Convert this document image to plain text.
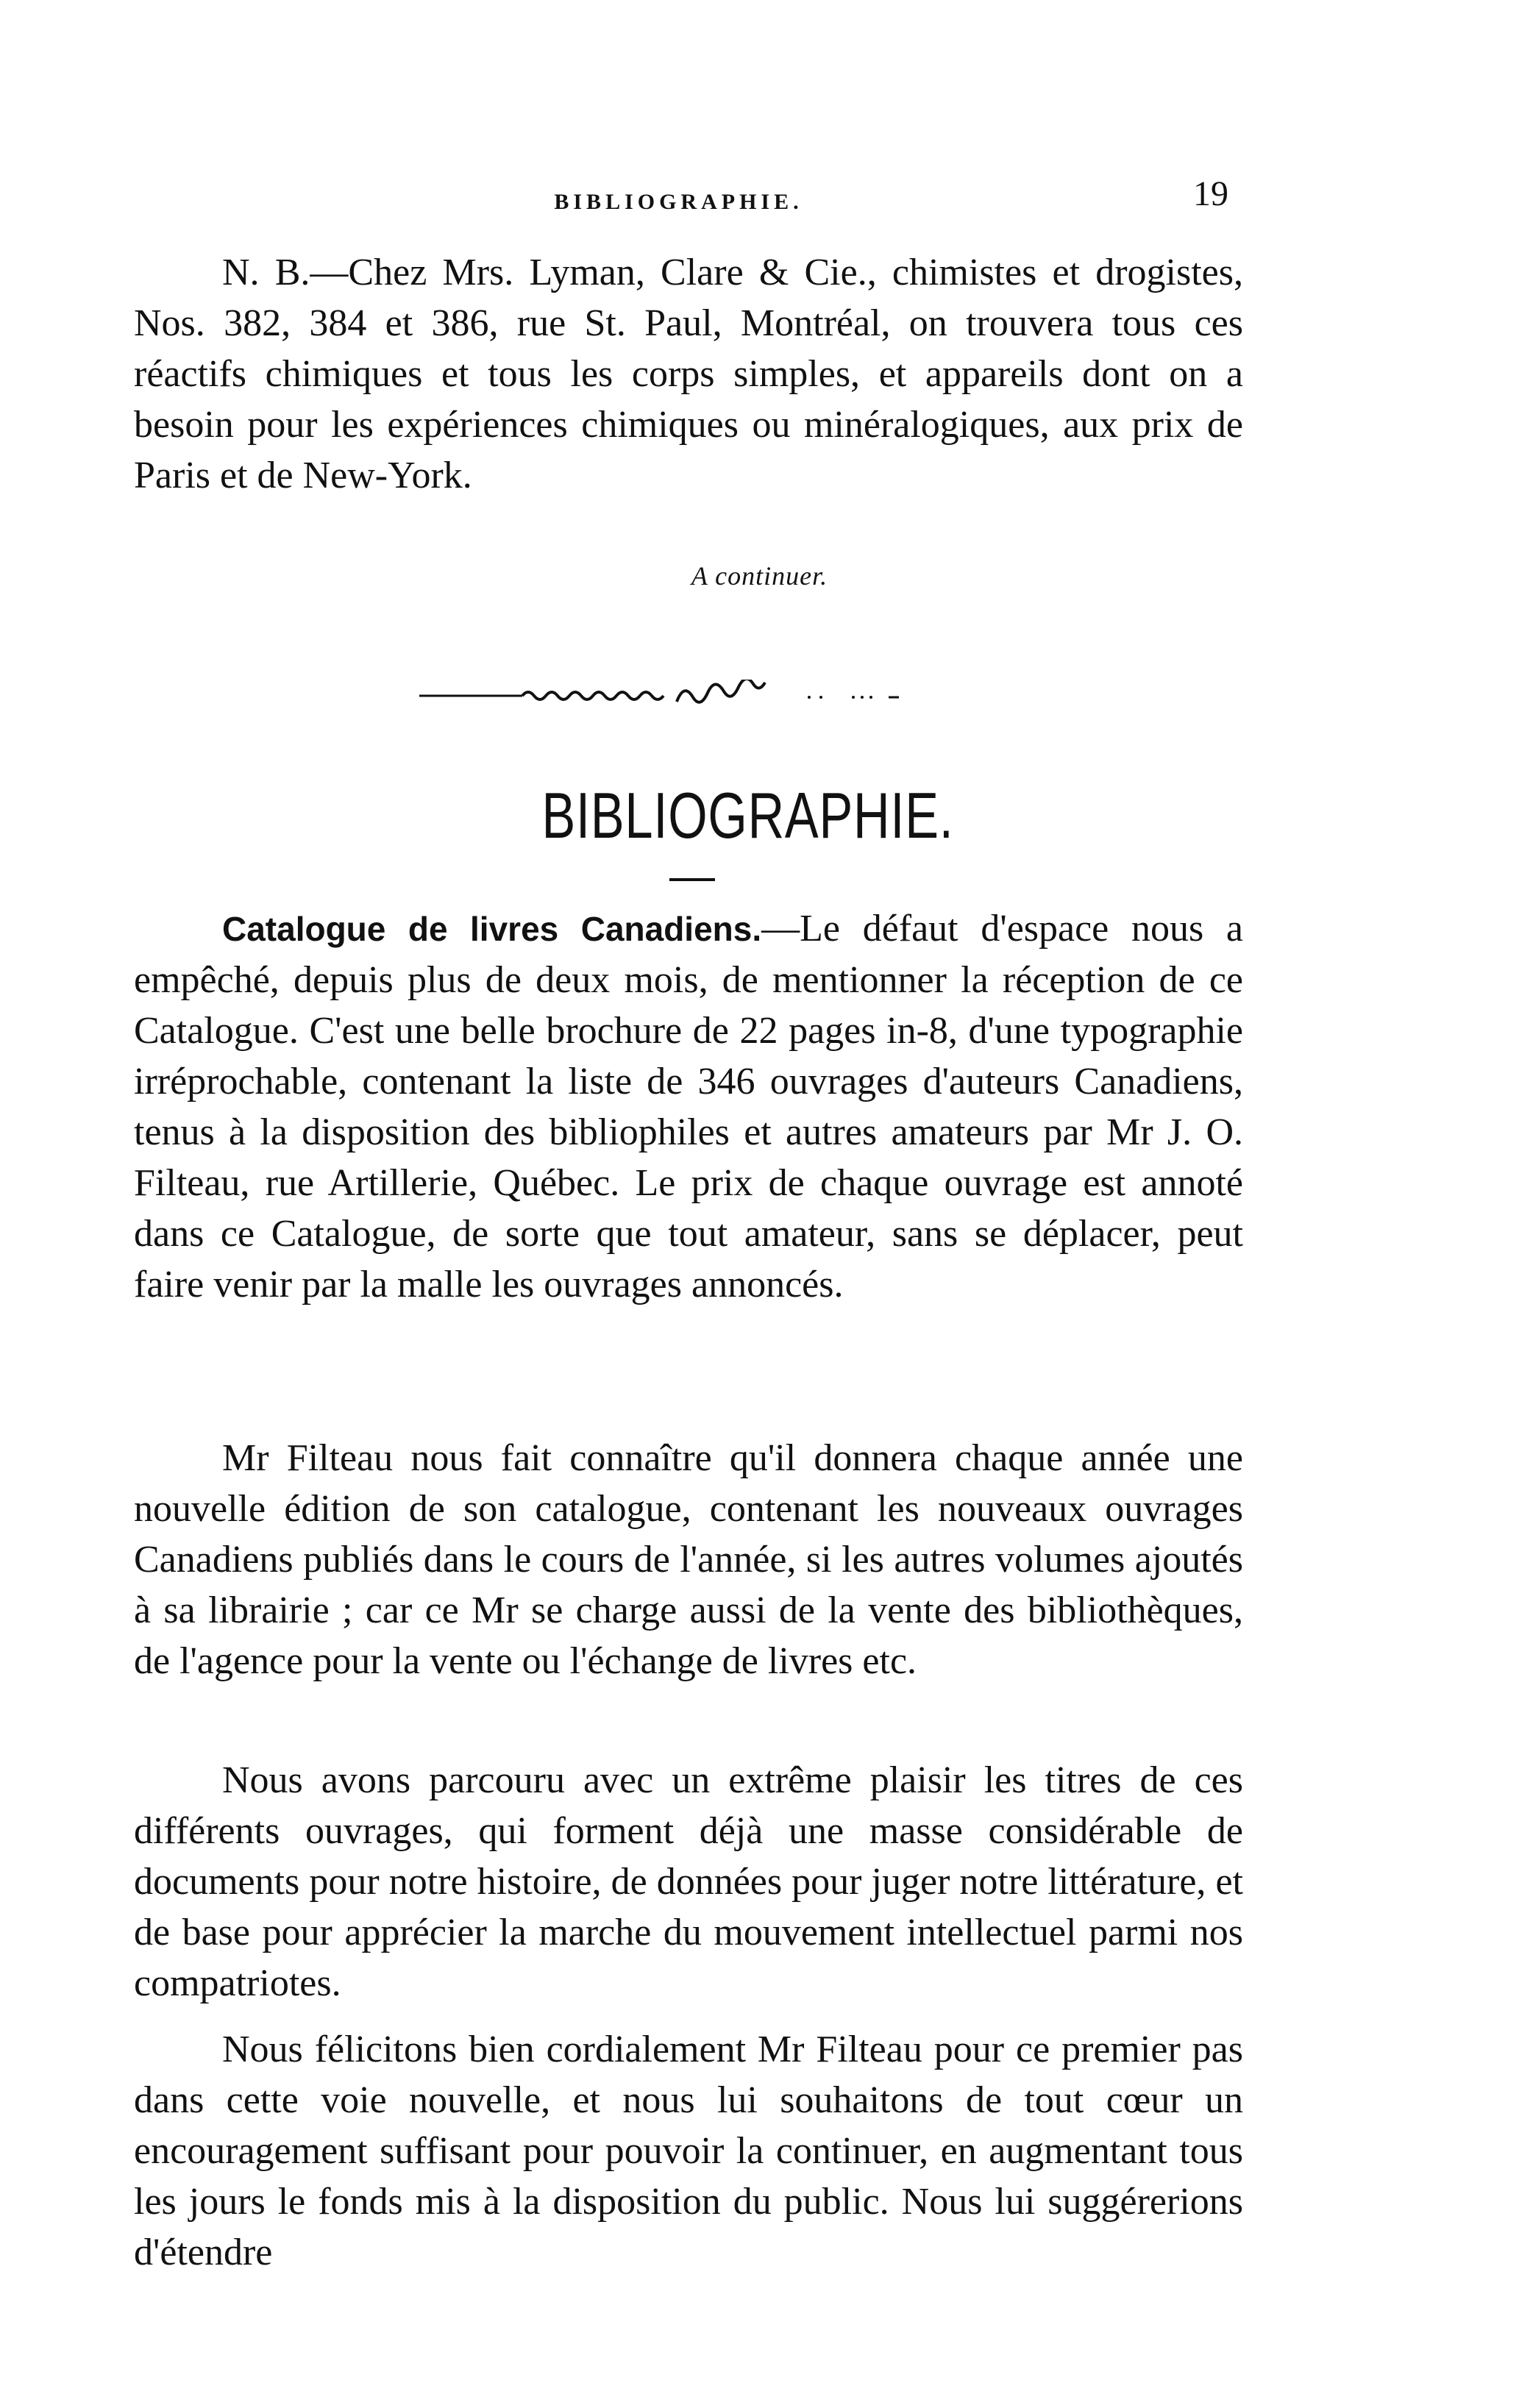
BIBLIOGRAPHIE.	19

N. B.—Chez Mrs. Lyman, Clare & Cie., chimistes et drogistes, Nos. 382, 384 et 386, rue St. Paul, Montréal, on trouvera tous ces réactifs chimiques et tous les corps simples, et appareils dont on a besoin pour les expériences chimiques ou minéralogiques, aux prix de Paris et de New-York.

A continuer.
BIBLIOGRAPHIE.

Catalogue de livres Canadiens.—Le défaut d'espace nous a empêché, depuis plus de deux mois, de mentionner la réception de ce Catalogue. C'est une belle brochure de 22 pages in-8, d'une typographie irréprochable, contenant la liste de 346 ouvrages d'auteurs Canadiens, tenus à la disposition des bibliophiles et autres amateurs par Mr J. O. Filteau, rue Artillerie, Québec. Le prix de chaque ouvrage est annoté dans ce Catalogue, de sorte que tout amateur, sans se déplacer, peut faire venir par la malle les ouvrages annoncés.

Mr Filteau nous fait connaître qu'il donnera chaque année une nouvelle édition de son catalogue, contenant les nouveaux ouvrages Canadiens publiés dans le cours de l'année, si les autres volumes ajoutés à sa librairie ; car ce Mr se charge aussi de la vente des bibliothèques, de l'agence pour la vente ou l'échange de livres etc.

Nous avons parcouru avec un extrême plaisir les titres de ces différents ouvrages, qui forment déjà une masse considérable de documents pour notre histoire, de données pour juger notre littérature, et de base pour apprécier la marche du mouvement intellectuel parmi nos compatriotes.

Nous félicitons bien cordialement Mr Filteau pour ce premier pas dans cette voie nouvelle, et nous lui souhaitons de tout cœur un encouragement suffisant pour pouvoir la continuer, en augmentant tous les jours le fonds mis à la disposition du public. Nous lui suggérerions d'étendre
